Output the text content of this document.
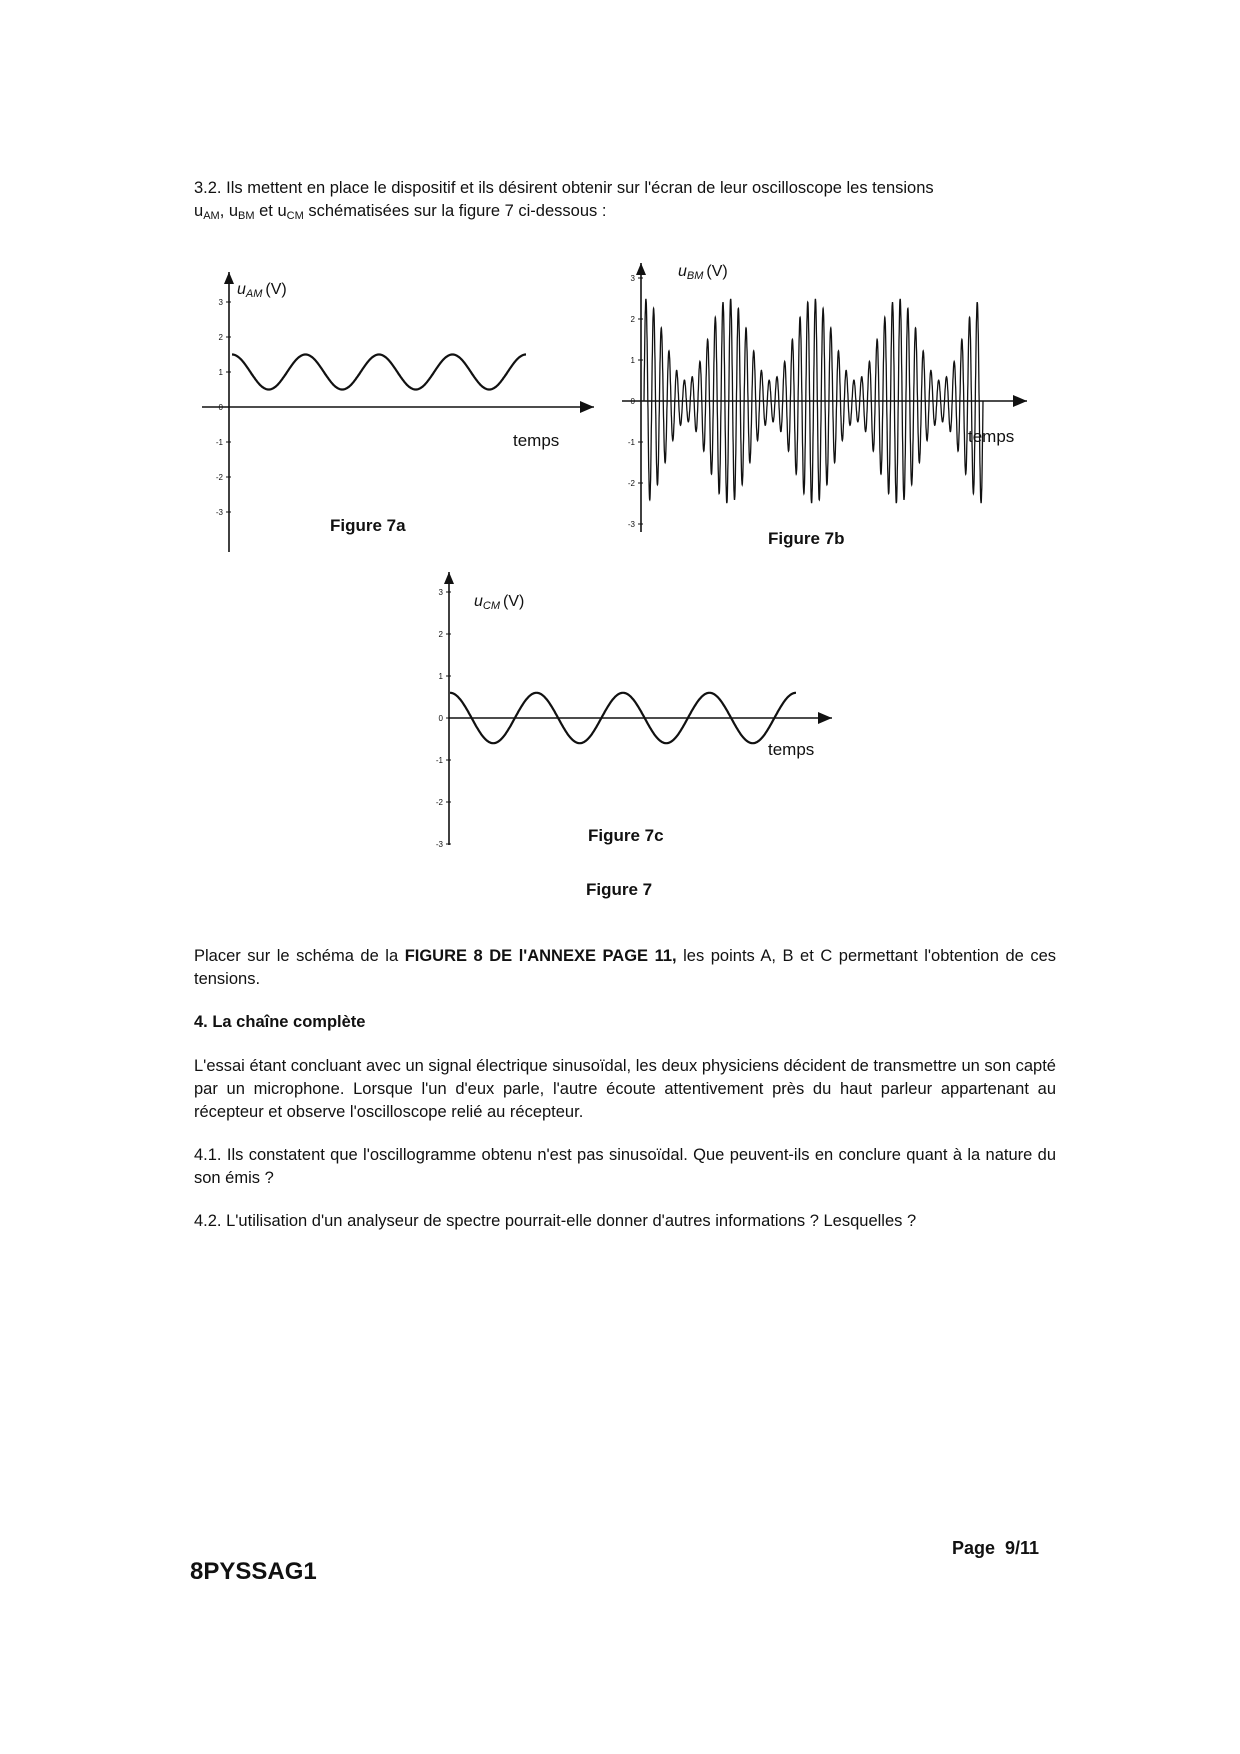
3.2. Ils mettent en place le dispositif et ils désirent obtenir sur l'écran de leur oscilloscope les tensions
$u_{AM}$, $u_{BM}$ et $u_{CM}$ schématisées sur la figure 7 ci-dessous :
3
2
1
0
-1
-2
-3
uAM (V)
temps
Figure 7a
3
2
1
0
-1
-2
-3
uBM (V)
temps
Figure 7b
3
2
1
0
-1
-2
-3
uCM (V)
temps
Figure 7c
Figure 7
Placer sur le schéma de la FIGURE 8 DE l'ANNEXE PAGE 11, les points A, B et C permettant l'obtention de ces tensions.
4. La chaîne complète
L'essai étant concluant avec un signal électrique sinusoïdal, les deux physiciens décident de transmettre un son capté par un microphone. Lorsque l'un d'eux parle, l'autre écoute attentivement près du haut parleur appartenant au récepteur et observe l'oscilloscope relié au récepteur.
4.1. Ils constatent que l'oscillogramme obtenu n'est pas sinusoïdal. Que peuvent-ils en conclure quant à la nature du son émis ?
4.2. L'utilisation d'un analyseur de spectre pourrait-elle donner d'autres informations ? Lesquelles ?
Page  9/11
8PYSSAG1
